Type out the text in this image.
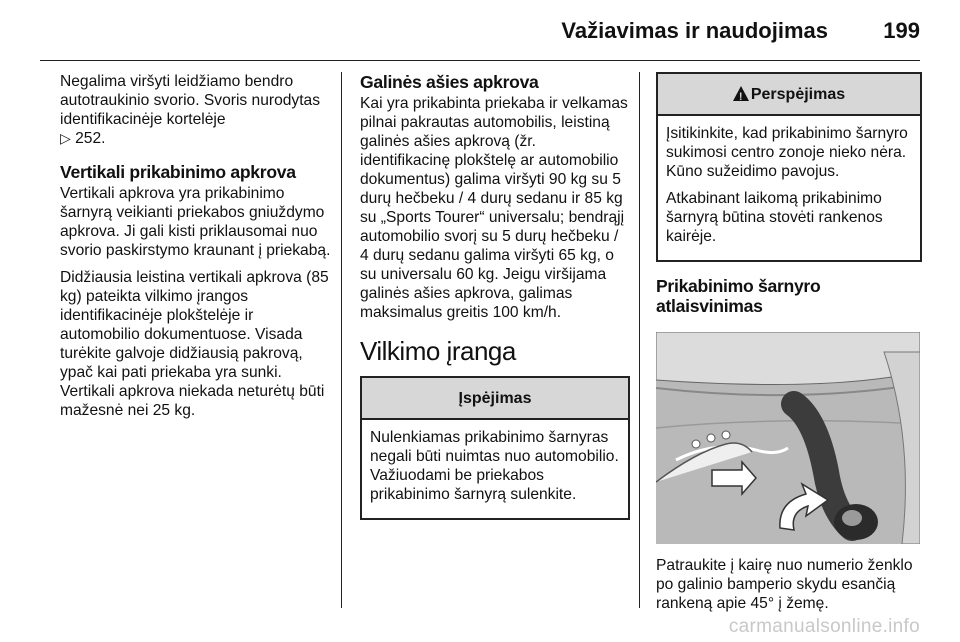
Važiavimas ir naudojimas	199

Negalima viršyti leidžiamo bendro autotraukinio svorio. Svoris nurodytas identifikacinėje kortelėje
▷ 252.

Vertikali prikabinimo apkrova

Vertikali apkrova yra prikabinimo šarnyrą veikianti priekabos gniuždymo apkrova. Ji gali kisti priklausomai nuo svorio paskirstymo kraunant į priekabą.

Didžiausia leistina vertikali apkrova (85 kg) pateikta vilkimo įrangos identifikacinėje plokštelėje ir automobilio dokumentuose. Visada turėkite galvoje didžiausią pakrovą, ypač kai pati priekaba yra sunki. Vertikali apkrova niekada neturėtų būti mažesnė nei 25 kg.

Galinės ašies apkrova

Kai yra prikabinta priekaba ir velkamas pilnai pakrautas automobilis, leistiną galinės ašies apkrovą (žr. identifikacinę plokštelę ar automobilio dokumentus) galima viršyti 90 kg su 5 durų hečbeku / 4 durų sedanu ir 85 kg su „Sports Tourer“ universalu; bendrąjį automobilio svorį su 5 durų hečbeku / 4 durų sedanu galima viršyti 65 kg, o su universalu 60 kg. Jeigu viršijama galinės ašies apkrova, galimas maksimalus greitis 100 km/h.

Vilkimo įranga
Įspėjimas

Nulenkiamas prikabinimo šarnyras negali būti nuimtas nuo automobilio. Važiuodami be priekabos prikabinimo šarnyrą sulenkite.

!Perspėjimas

Įsitikinkite, kad prikabinimo šarnyro sukimosi centro zonoje nieko nėra. Kūno sužeidimo pavojus.

Atkabinant laikomą prikabinimo šarnyrą būtina stovėti rankenos kairėje.

Prikabinimo šarnyro atlaisvinimas

Patraukite į kairę nuo numerio ženklo po galinio bamperio skydu esančią rankeną apie 45° į žemę.

carmanualsonline.info
